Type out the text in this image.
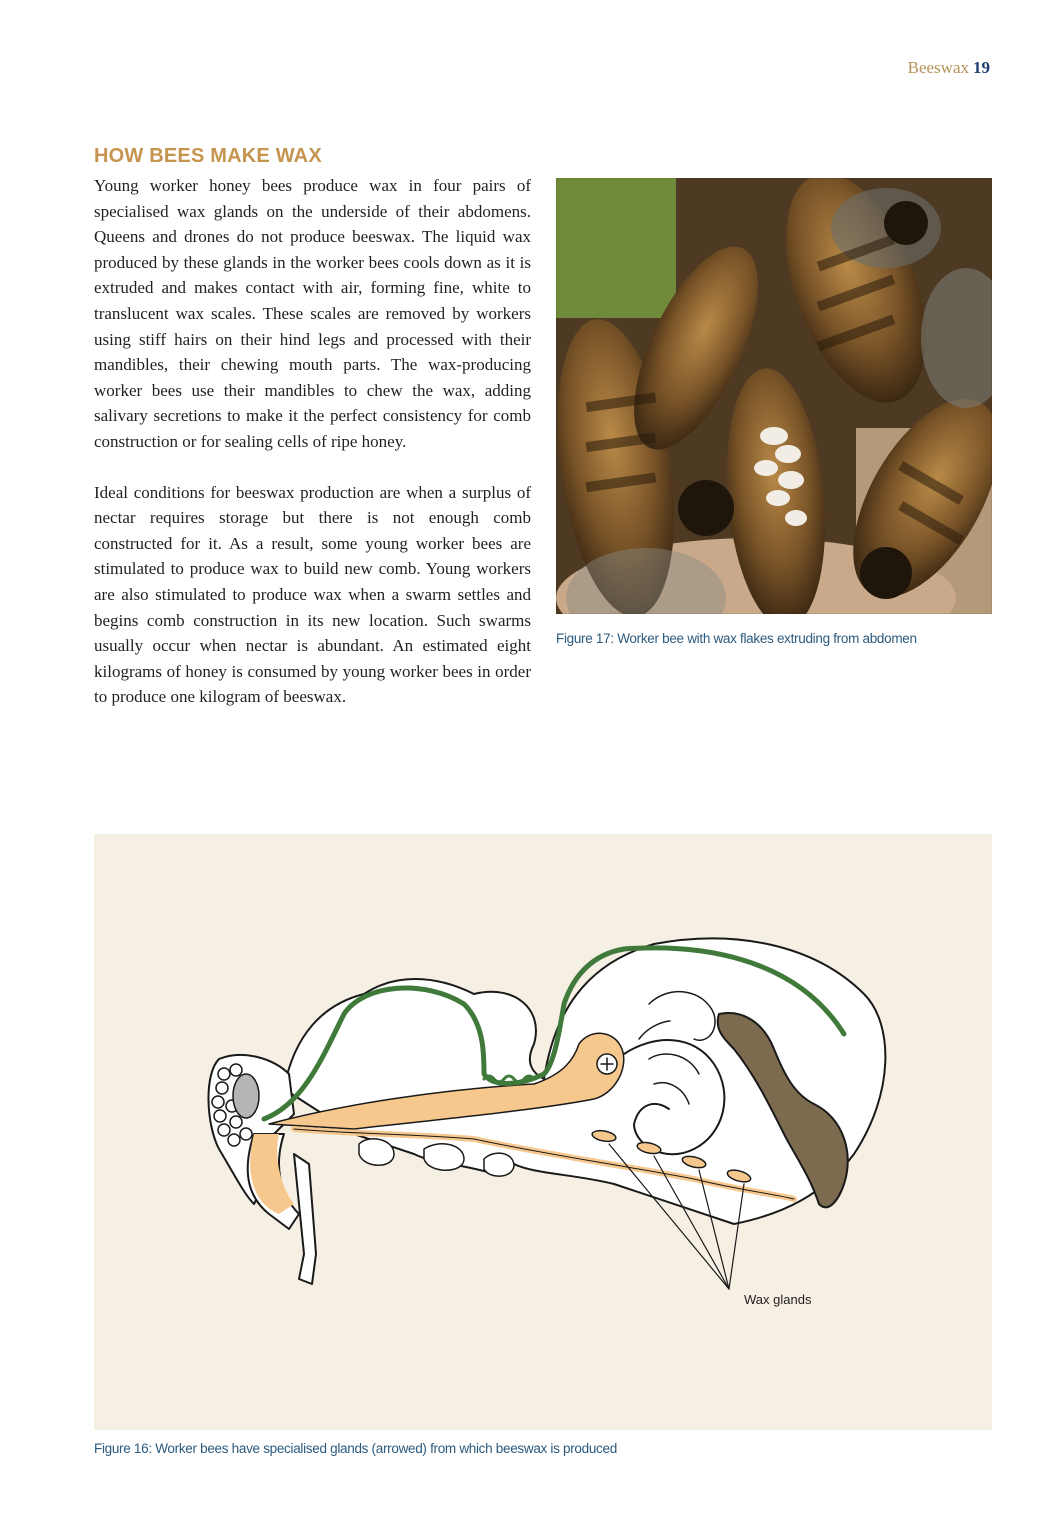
Beeswax 19
HOW BEES MAKE WAX

Young worker honey bees produce wax in four pairs of specialised wax glands on the underside of their abdomens. Queens and drones do not produce beeswax. The liquid wax produced by these glands in the worker bees cools down as it is extruded and makes contact with air, forming fine, white to translucent wax scales. These scales are removed by workers using stiff hairs on their hind legs and processed with their mandibles, their chewing mouth parts. The wax-producing worker bees use their mandibles to chew the wax, adding salivary secretions to make it the perfect consistency for comb construction or for sealing cells of ripe honey.

Ideal conditions for beeswax production are when a surplus of nectar requires storage but there is not enough comb constructed for it. As a result, some young worker bees are stimulated to produce wax to build new comb. Young workers are also stimulated to produce wax when a swarm settles and begins comb construction in its new location. Such swarms usually occur when nectar is abundant. An estimated eight kilograms of honey is consumed by young worker bees in order to produce one kilogram of beeswax.

Figure 17: Worker bee with wax flakes extruding from abdomen
Wax glands
Figure 16: Worker bees have specialised glands (arrowed) from which beeswax is produced
